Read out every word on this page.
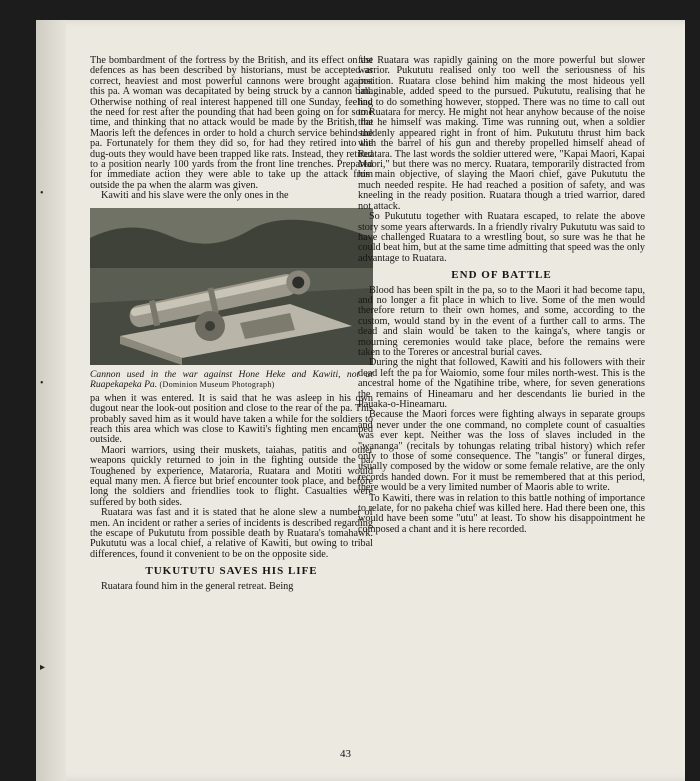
•
•
▸

The bombardment of the fortress by the British, and its effect on the defences as has been described by historians, must be accepted as correct, heaviest and most powerful cannons were brought against this pa. A woman was decapitated by being struck by a cannon ball. Otherwise nothing of real interest happened till one Sunday, feeling the need for rest after the pounding that had been going on for some time, and thinking that no attack would be made by the British, the Maoris left the defences in order to hold a church service behind the pa. Fortunately for them they did so, for had they retired into the dug-outs they would have been trapped like rats. Instead, they retired to a position nearly 100 yards from the front line trenches. Prepared for immediate action they were able to take up the attack from outside the pa when the alarm was given.

Kawiti and his slave were the only ones in the

Cannon used in the war against Hone Heke and Kawiti, not at Ruapekapeka Pa. (Dominion Museum Photograph)

pa when it was entered. It is said that he was asleep in his own dugout near the look-out position and close to the rear of the pa. This probably saved him as it would have taken a while for the soldiers to reach this area which was close to Kawiti's fighting men encamped outside.

Maori warriors, using their muskets, taiahas, patitis and other weapons quickly returned to join in the fighting outside the pa. Toughened by experience, Mataroria, Ruatara and Motiti would equal many men. A fierce but brief encounter took place, and before long the soldiers and friendlies took to flight. Casualties were suffered by both sides.

Ruatara was fast and it is stated that he alone slew a number of men. An incident or rather a series of incidents is described regarding the escape of Pukututu from possible death by Ruatara's tomahawk. Pukututu was a local chief, a relative of Kawiti, but owing to tribal differences, found it convenient to be on the opposite side.

TUKUTUTU SAVES HIS LIFE

Ruatara found him in the general retreat. Being

fast Ruatara was rapidly gaining on the more powerful but slower warrior. Pukututu realised only too well the seriousness of his position. Ruatara close behind him making the most hideous yell imaginable, added speed to the pursued. Pukututu, realising that he had to do something however, stopped. There was no time to call out to Ruatara for mercy. He might not hear anyhow because of the noise that he himself was making. Time was running out, when a soldier suddenly appeared right in front of him. Pukututu thrust him back with the barrel of his gun and thereby propelled himself ahead of Ruatara. The last words the soldier uttered were, "Kapai Maori, Kapai Maori," but there was no mercy. Ruatara, temporarily distracted from his main objective, of slaying the Maori chief, gave Pukututu the much needed respite. He had reached a position of safety, and was kneeling in the ready position. Ruatara though a tried warrior, dared not attack.

So Pukututu together with Ruatara escaped, to relate the above story some years afterwards. In a friendly rivalry Pukututu was said to have challenged Ruatara to a wrestling bout, so sure was he that he could beat him, but at the same time admitting that speed was the only advantage to Ruatara.

END OF BATTLE

Blood has been spilt in the pa, so to the Maori it had become tapu, and no longer a fit place in which to live. Some of the men would therefore return to their own homes, and some, according to the custom, would stand by in the event of a further call to arms. The dead and slain would be taken to the kainga's, where tangis or mourning ceremonies would take place, before the remains were taken to the Toreres or ancestral burial caves.

During the night that followed, Kawiti and his followers with their dead left the pa for Waiomio, some four miles north-west. This is the ancestral home of the Ngatihine tribe, where, for seven generations the remains of Hineamaru and her descendants lie buried in the Pauaka-o-Hineamaru.

Because the Maori forces were fighting always in separate groups and never under the one command, no complete count of casualties was ever kept. Neither was the loss of slaves included in the "wananga" (recitals by tohungas relating tribal history) which refer only to those of some consequence. The "tangis" or funeral dirges, usually composed by the widow or some female relative, are the only records handed down. For it must be remembered that at this period, there would be a very limited number of Maoris able to write.

To Kawiti, there was in relation to this battle nothing of importance to relate, for no pakeha chief was killed here. Had there been one, this would have been some "utu" at least. To show his disappointment he composed a chant and it is here recorded.

43
